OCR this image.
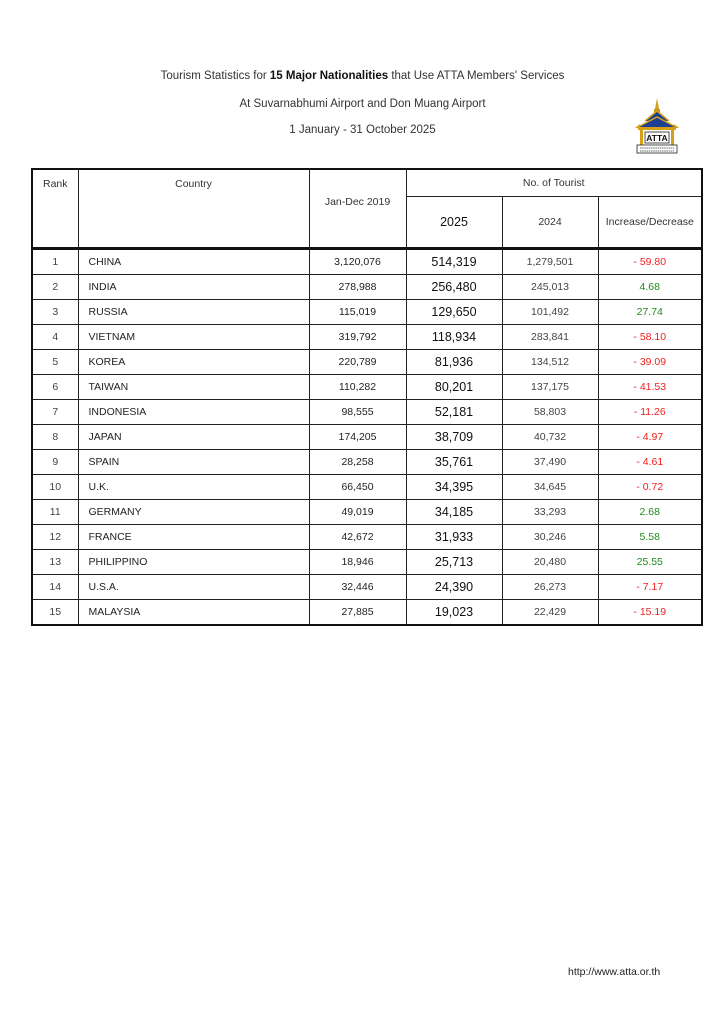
Tourism Statistics for 15 Major Nationalities that Use ATTA Members' Services
At Suvarnabhumi Airport and Don Muang Airport
1 January - 31 October 2025
ATTA
Rank	Country	Jan-Dec 2019	No. of Tourist		
			2025	2024	Increase/Decrease
1	CHINA	3,120,076	514,319	1,279,501	- 59.80
2	INDIA	278,988	256,480	245,013	4.68
3	RUSSIA	115,019	129,650	101,492	27.74
4	VIETNAM	319,792	118,934	283,841	- 58.10
5	KOREA	220,789	81,936	134,512	- 39.09
6	TAIWAN	110,282	80,201	137,175	- 41.53
7	INDONESIA	98,555	52,181	58,803	- 11.26
8	JAPAN	174,205	38,709	40,732	- 4.97
9	SPAIN	28,258	35,761	37,490	- 4.61
10	U.K.	66,450	34,395	34,645	- 0.72
11	GERMANY	49,019	34,185	33,293	2.68
12	FRANCE	42,672	31,933	30,246	5.58
13	PHILIPPINO	18,946	25,713	20,480	25.55
14	U.S.A.	32,446	24,390	26,273	- 7.17
15	MALAYSIA	27,885	19,023	22,429	- 15.19
http://www.atta.or.th
